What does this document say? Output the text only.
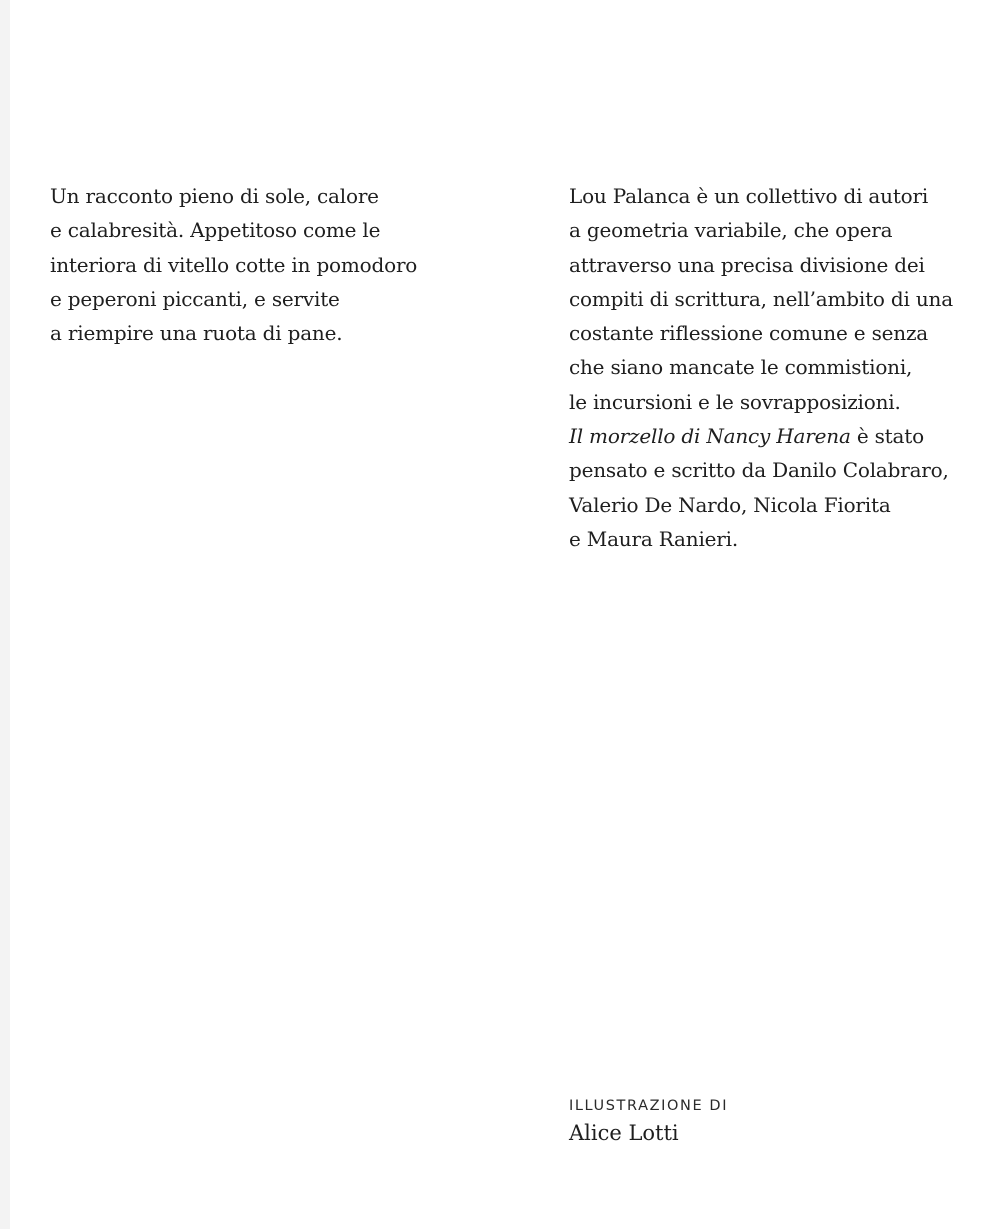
Un racconto pieno di sole, calore
e calabresità. Appetitoso come le
interiora di vitello cotte in pomodoro
e peperoni piccanti, e servite
a riempire una ruota di pane.
Lou Palanca è un collettivo di autori
a geometria variabile, che opera
attraverso una precisa divisione dei
compiti di scrittura, nell’ambito di una
costante riflessione comune e senza
che siano mancate le commistioni,
le incursioni e le sovrapposizioni.
Il morzello di Nancy Harena è stato
pensato e scritto da Danilo Colabraro,
Valerio De Nardo, Nicola Fiorita
e Maura Ranieri.
ILLUSTRAZIONE DI
Alice Lotti
